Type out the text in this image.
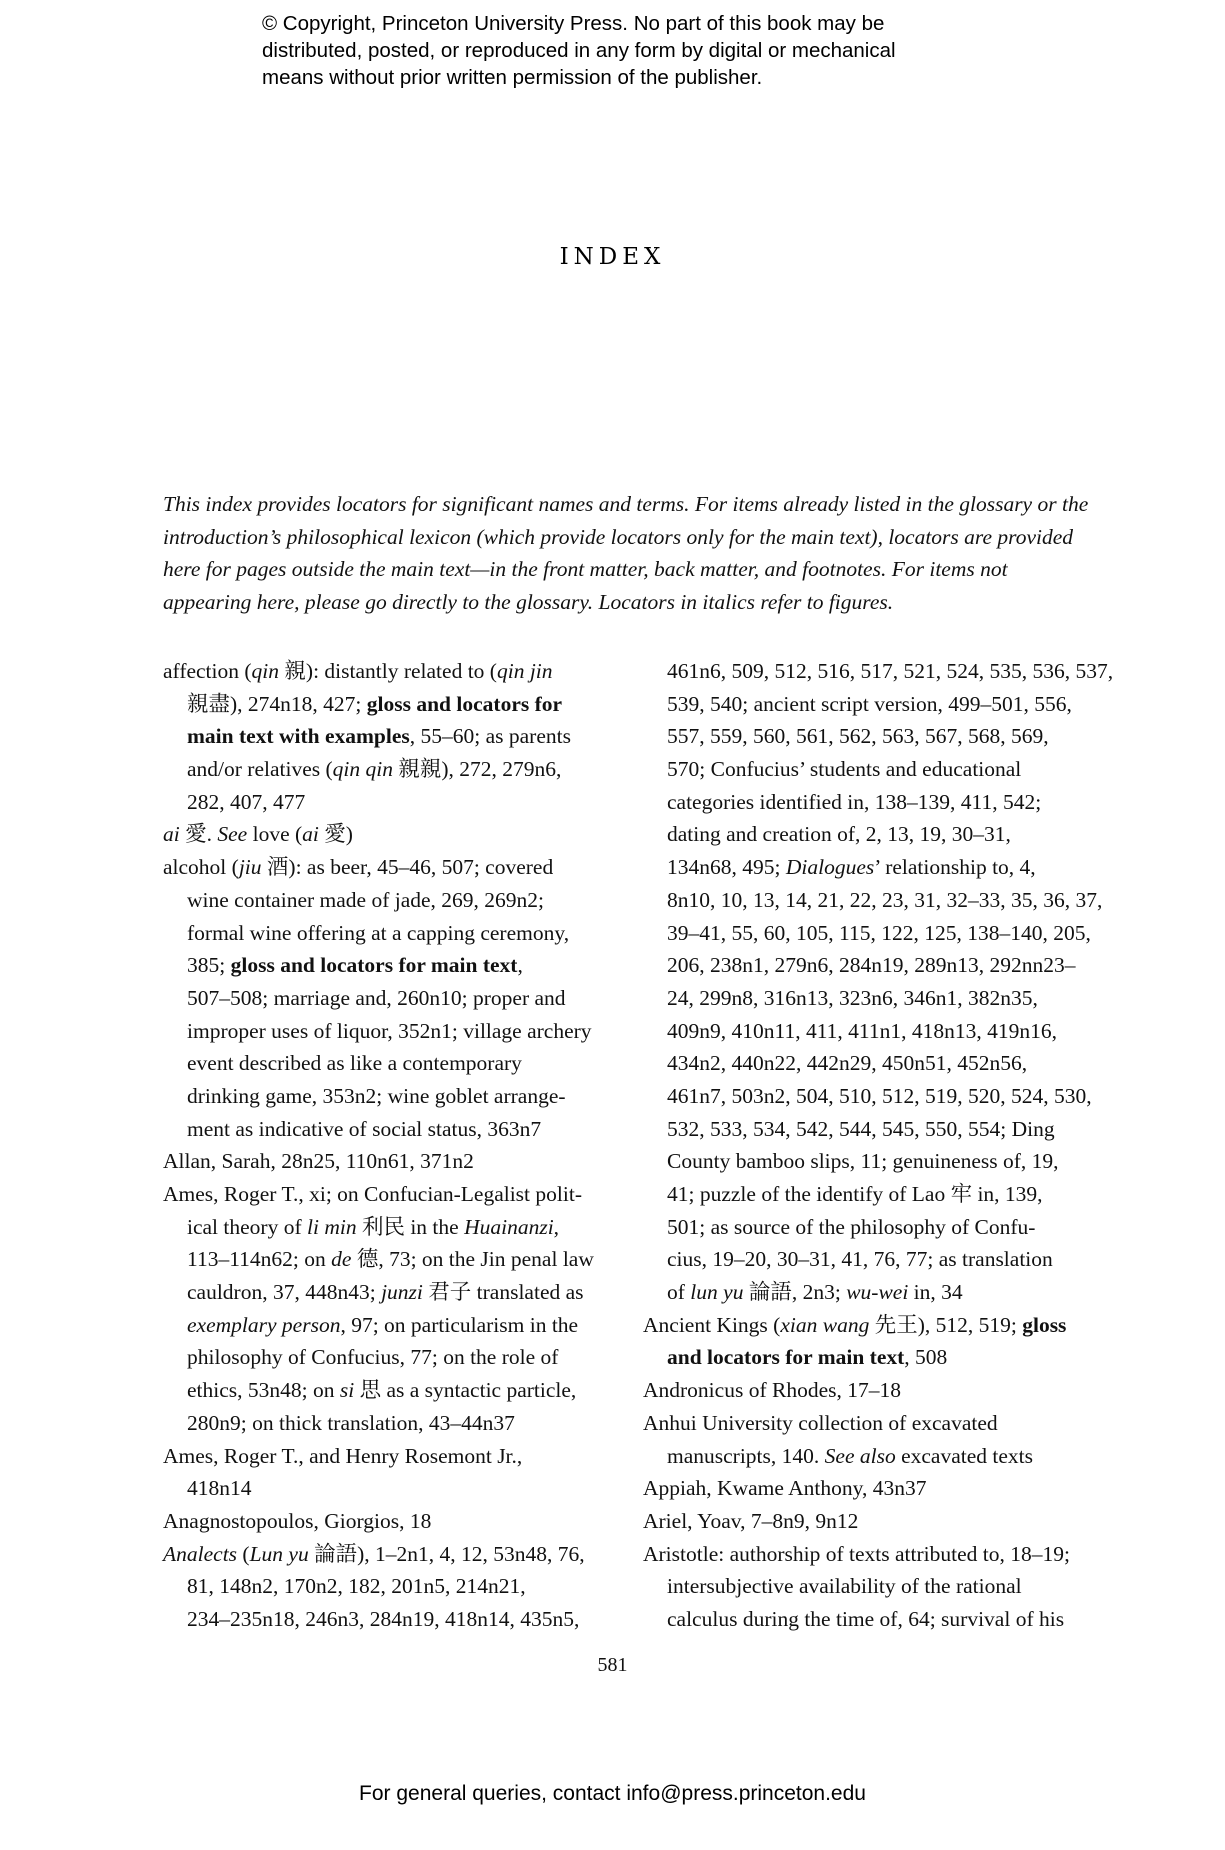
© Copyright, Princeton University Press. No part of this book may be
distributed, posted, or reproduced in any form by digital or mechanical
means without prior written permission of the publisher.
INDEX
This index provides locators for significant names and terms. For items already listed in the glossary or the
introduction’s philosophical lexicon (which provide locators only for the main text), locators are provided
here for pages outside the main text—in the front matter, back matter, and footnotes. For items not
appearing here, please go directly to the glossary. Locators in italics refer to figures.
affection (qin 親): distantly related to (qin jin
親盡), 274n18, 427; gloss and locators for
main text with examples, 55–60; as parents
and/or relatives (qin qin 親親), 272, 279n6,
282, 407, 477
ai 愛. See love (ai 愛)
alcohol (jiu 酒): as beer, 45–46, 507; covered
wine container made of jade, 269, 269n2;
formal wine offering at a capping ceremony,
385; gloss and locators for main text,
507–508; marriage and, 260n10; proper and
improper uses of liquor, 352n1; village archery
event described as like a contemporary
drinking game, 353n2; wine goblet arrange-
ment as indicative of social status, 363n7
Allan, Sarah, 28n25, 110n61, 371n2
Ames, Roger T., xi; on Confucian-Legalist polit-
ical theory of li min 利民 in the Huainanzi,
113–114n62; on de 德, 73; on the Jin penal law
cauldron, 37, 448n43; junzi 君子 translated as
exemplary person, 97; on particularism in the
philosophy of Confucius, 77; on the role of
ethics, 53n48; on si 思 as a syntactic particle,
280n9; on thick translation, 43–44n37
Ames, Roger T., and Henry Rosemont Jr.,
418n14
Anagnostopoulos, Giorgios, 18
Analects (Lun yu 論語), 1–2n1, 4, 12, 53n48, 76,
81, 148n2, 170n2, 182, 201n5, 214n21,
234–235n18, 246n3, 284n19, 418n14, 435n5,
461n6, 509, 512, 516, 517, 521, 524, 535, 536, 537,
539, 540; ancient script version, 499–501, 556,
557, 559, 560, 561, 562, 563, 567, 568, 569,
570; Confucius’ students and educational
categories identified in, 138–139, 411, 542;
dating and creation of, 2, 13, 19, 30–31,
134n68, 495; Dialogues’ relationship to, 4,
8n10, 10, 13, 14, 21, 22, 23, 31, 32–33, 35, 36, 37,
39–41, 55, 60, 105, 115, 122, 125, 138–140, 205,
206, 238n1, 279n6, 284n19, 289n13, 292nn23–
24, 299n8, 316n13, 323n6, 346n1, 382n35,
409n9, 410n11, 411, 411n1, 418n13, 419n16,
434n2, 440n22, 442n29, 450n51, 452n56,
461n7, 503n2, 504, 510, 512, 519, 520, 524, 530,
532, 533, 534, 542, 544, 545, 550, 554; Ding
County bamboo slips, 11; genuineness of, 19,
41; puzzle of the identify of Lao 牢 in, 139,
501; as source of the philosophy of Confu-
cius, 19–20, 30–31, 41, 76, 77; as translation
of lun yu 論語, 2n3; wu-wei in, 34
Ancient Kings (xian wang 先王), 512, 519; gloss
and locators for main text, 508
Andronicus of Rhodes, 17–18
Anhui University collection of excavated
manuscripts, 140. See also excavated texts
Appiah, Kwame Anthony, 43n37
Ariel, Yoav, 7–8n9, 9n12
Aristotle: authorship of texts attributed to, 18–19;
intersubjective availability of the rational
calculus during the time of, 64; survival of his
581
For general queries, contact info@press.princeton.edu
